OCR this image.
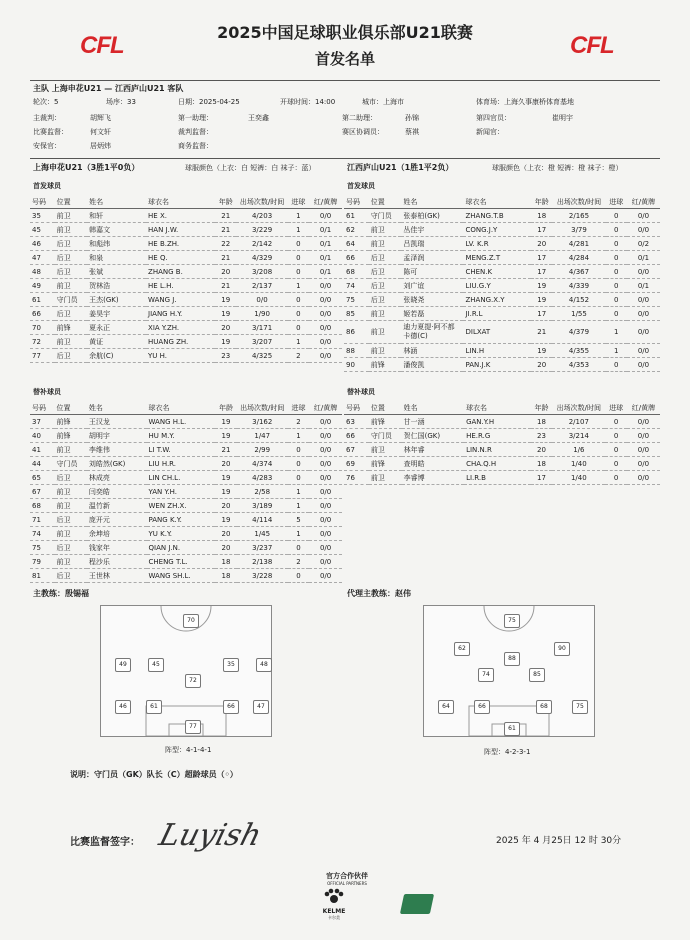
CFL	CFL
2025中国足球职业俱乐部U21联赛
首发名单
主队 上海申花U21 — 江西庐山U21 客队
轮次：5	场序：33	日期：2025-04-25	开球时间：14:00	城市：上海市	体育场：上海久事康桥体育基地
主裁判：	胡辉飞	第一助理：	王奕鑫	第二助理：	孙锦	第四官员：	崔明宇
比赛监督：	何文轩	裁判监督：	赛区协调员：	蔡祺	新闻官：
安保官：	居炳炜	商务监督：
上海申花U21（3胜1平0负）	球服颜色（上衣：白 短裤：白 袜子：蓝）	江西庐山U21（1胜1平2负）	球服颜色（上衣：橙 短裤：橙 袜子：橙）
首发球员	首发球员
号码	位置	姓名	球衣名	年龄	出场次数/时间	进球	红/黄牌
35	前卫	和轩	HE X.	21	4/203	1	0/0
45	前卫	韩嘉文	HAN J.W.	21	3/229	1	0/1
46	后卫	和彪纬	HE B.ZH.	22	2/142	0	0/1
47	后卫	和泉	HE Q.	21	4/329	0	0/1
48	后卫	张斌	ZHANG B.	20	3/208	0	0/1
49	前卫	贺林浩	HE L.H.	21	2/137	1	0/0
61	守门员	王杰(GK)	WANG J.	19	0/0	0	0/0
66	后卫	姜昊宇	JIANG H.Y.	19	1/90	0	0/0
70	前锋	夏永正	XIA Y.ZH.	20	3/171	0	0/0
72	前卫	黄证	HUANG ZH.	19	3/207	1	0/0
77	后卫	余航(C)	YU H.	23	4/325	2	0/0
号码	位置	姓名	球衣名	年龄	出场次数/时间	进球	红/黄牌
61	守门员	张泰柏(GK)	ZHANG.T.B	18	2/165	0	0/0
62	前卫	丛佳宇	CONG.J.Y	17	3/79	0	0/0
64	前卫	吕凯瑞	LV. K.R	20	4/281	0	0/2
66	后卫	孟泽润	MENG.Z.T	17	4/284	0	0/1
68	后卫	陈可	CHEN.K	17	4/367	0	0/0
74	后卫	刘广谊	LIU.G.Y	19	4/339	0	0/1
75	后卫	张晓尧	ZHANG.X.Y	19	4/152	0	0/0
85	前卫	姬若磊	JI.R.L	17	1/55	0	0/0
86	前卫	迪力夏提·阿不都卡德(C)	DILXAT	21	4/379	1	0/0
88	前卫	林涵	LIN.H	19	4/355	1	0/0
90	前锋	潘俊凯	PAN.J.K	20	4/353	0	0/0
替补球员	替补球员
号码	位置	姓名	球衣名	年龄	出场次数/时间	进球	红/黄牌
37	前锋	王汉龙	WANG H.L.	19	3/162	2	0/0
40	前锋	胡明宇	HU M.Y.	19	1/47	1	0/0
41	前卫	李维伟	LI T.W.	21	2/99	0	0/0
44	守门员	刘皓然(GK)	LIU H.R.	20	4/374	0	0/0
65	后卫	林成亮	LIN CH.L.	19	4/283	0	0/0
67	前卫	闫奕皓	YAN Y.H.	19	2/58	1	0/0
68	前卫	温竹新	WEN ZH.X.	20	3/189	1	0/0
71	后卫	庞开元	PANG K.Y.	19	4/114	5	0/0
74	前卫	余坤培	YU K.Y.	20	1/45	1	0/0
75	后卫	钱家年	QIAN J.N.	20	3/237	0	0/0
79	前卫	程沙乐	CHENG T.L.	18	2/138	2	0/0
81	后卫	王世林	WANG SH.L.	18	3/228	0	0/0
号码	位置	姓名	球衣名	年龄	出场次数/时间	进球	红/黄牌
63	前锋	甘一涵	GAN.Y.H	18	2/107	0	0/0
66	守门员	贺仁国(GK)	HE.R.G	23	3/214	0	0/0
67	前卫	林年睿	LIN.N.R	20	1/6	0	0/0
69	前锋	查明皓	CHA.Q.H	18	1/40	0	0/0
76	前卫	李睿博	LI.R.B	17	1/40	0	0/0
主教练：殷锡福	代理主教练：赵伟
70
49	45	35	48
72
46	61	66	47
77
75
62
88
90
74	85
64	66	68	75
61
阵型：4-1-4-1	阵型：4-2-3-1
说明：守门员（GK）队长（C）超龄球员（◦）
比赛监督签字： Luyish	2025 年 4 月25日 12 时 30分
官方合作伙伴
OFFICIAL PARTNERS
KELME
卡尔美
